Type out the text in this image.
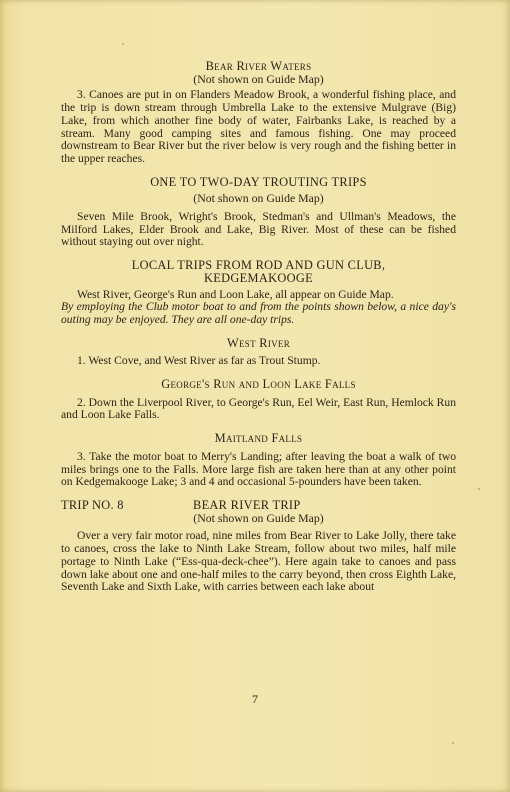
Bear River Waters
(Not shown on Guide Map)

3. Canoes are put in on Flanders Meadow Brook, a wonderful fishing place, and the trip is down stream through Umbrella Lake to the extensive Mulgrave (Big) Lake, from which another fine body of water, Fairbanks Lake, is reached by a stream. Many good camping sites and famous fishing. One may proceed downstream to Bear River but the river below is very rough and the fishing better in the upper reaches.

ONE TO TWO-DAY TROUTING TRIPS
(Not shown on Guide Map)

Seven Mile Brook, Wright's Brook, Stedman's and Ullman's Meadows, the Milford Lakes, Elder Brook and Lake, Big River. Most of these can be fished without staying out over night.

LOCAL TRIPS FROM ROD AND GUN CLUB,
KEDGEMAKOOGE

West River, George's Run and Loon Lake, all appear on Guide Map.

By employing the Club motor boat to and from the points shown below, a nice day's outing may be enjoyed. They are all one-day trips.

West River

1. West Cove, and West River as far as Trout Stump.

George's Run and Loon Lake Falls

2. Down the Liverpool River, to George's Run, Eel Weir, East Run, Hemlock Run and Loon Lake Falls.

Maitland Falls

3. Take the motor boat to Merry's Landing; after leaving the boat a walk of two miles brings one to the Falls. More large fish are taken here than at any other point on Kedgemakooge Lake; 3 and 4 and occasional 5-pounders have been taken.

TRIP NO. 8	BEAR RIVER TRIP
(Not shown on Guide Map)

Over a very fair motor road, nine miles from Bear River to Lake Jolly, there take to canoes, cross the lake to Ninth Lake Stream, follow about two miles, half mile portage to Ninth Lake (“Ess-qua-deck-chee”). Here again take to canoes and pass down lake about one and one-half miles to the carry beyond, then cross Eighth Lake, Seventh Lake and Sixth Lake, with carries between each lake about

7
